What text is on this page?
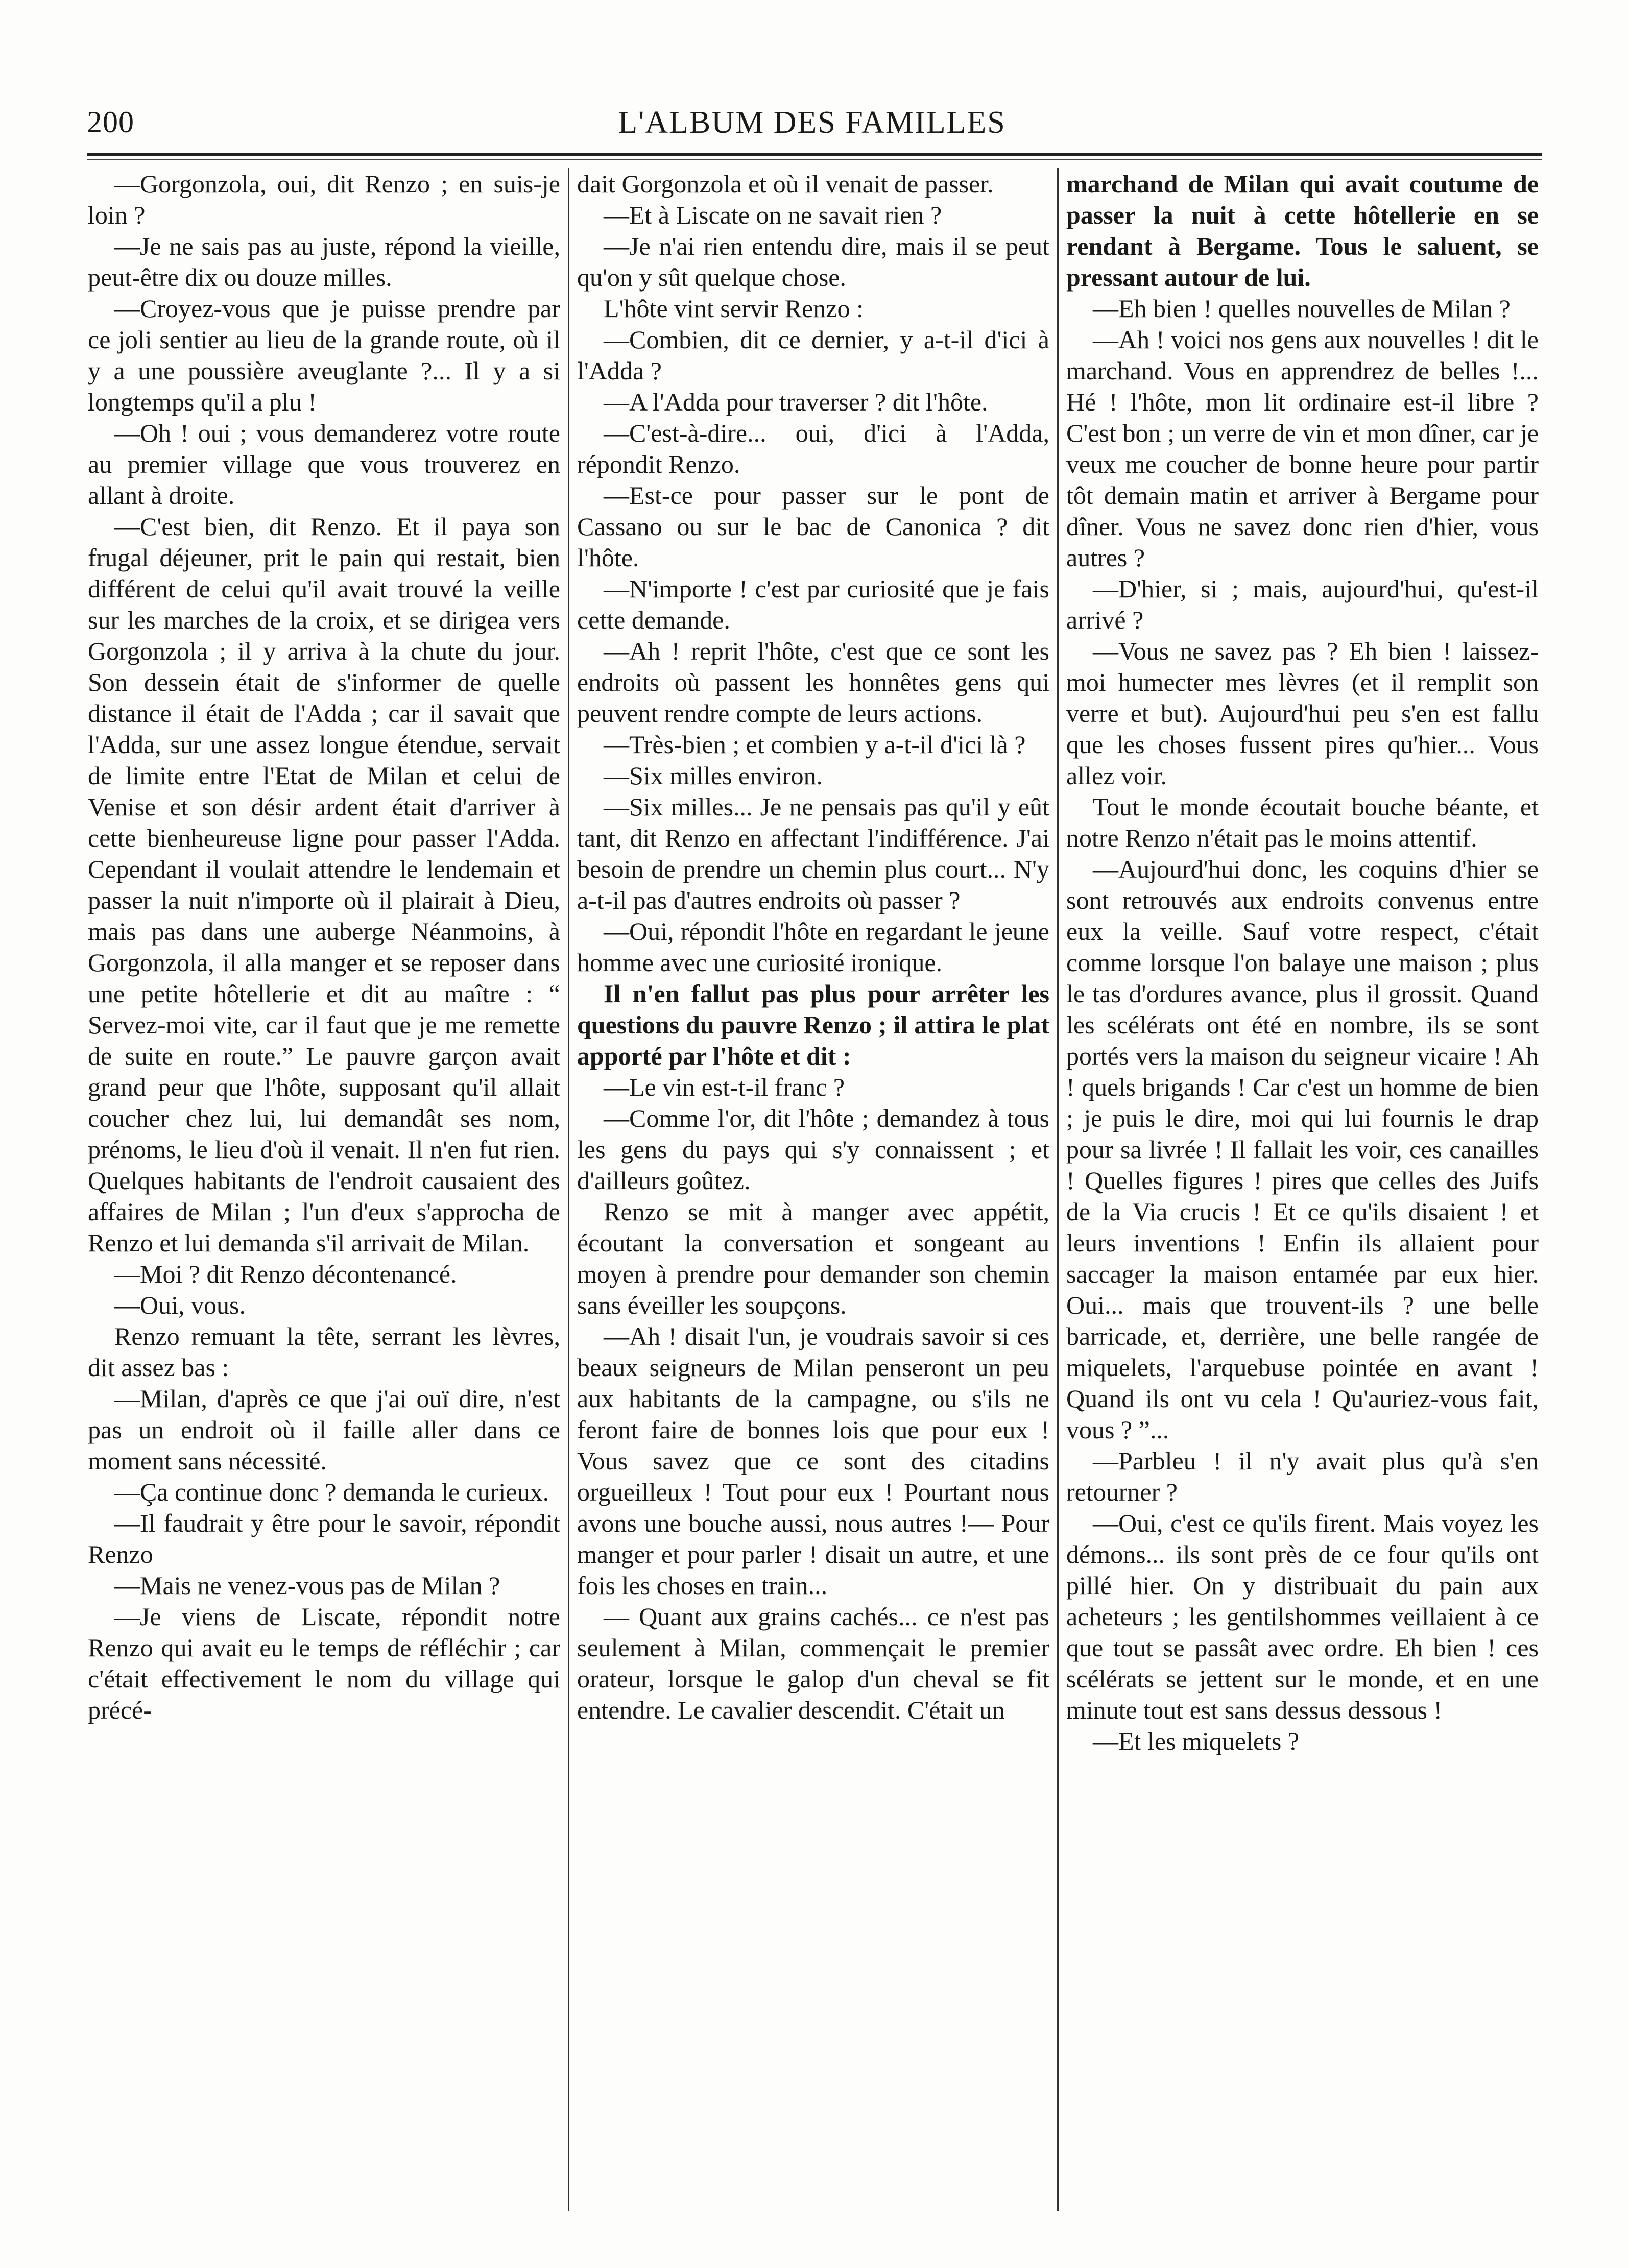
200	L'ALBUM DES FAMILLES

—Gorgonzola, oui, dit Renzo ; en suis-je loin ?

—Je ne sais pas au juste, répond la vieille, peut-être dix ou douze milles.

—Croyez-vous que je puisse prendre par ce joli sentier au lieu de la grande route, où il y a une poussière aveuglante ?... Il y a si longtemps qu'il a plu !

—Oh ! oui ; vous demanderez votre route au premier village que vous trouverez en allant à droite.

—C'est bien, dit Renzo. Et il paya son frugal déjeuner, prit le pain qui restait, bien différent de celui qu'il avait trouvé la veille sur les marches de la croix, et se dirigea vers Gorgonzola ; il y arriva à la chute du jour. Son dessein était de s'informer de quelle distance il était de l'Adda ; car il savait que l'Adda, sur une assez longue étendue, servait de limite entre l'Etat de Milan et celui de Venise et son désir ardent était d'arriver à cette bienheureuse ligne pour passer l'Adda. Cependant il voulait attendre le lendemain et passer la nuit n'importe où il plairait à Dieu, mais pas dans une auberge Néanmoins, à Gorgonzola, il alla manger et se reposer dans une petite hôtellerie et dit au maître : “ Servez-moi vite, car il faut que je me remette de suite en route.” Le pauvre garçon avait grand peur que l'hôte, supposant qu'il allait coucher chez lui, lui demandât ses nom, prénoms, le lieu d'où il venait. Il n'en fut rien. Quelques habitants de l'endroit causaient des affaires de Milan ; l'un d'eux s'approcha de Renzo et lui demanda s'il arrivait de Milan.

—Moi ? dit Renzo décontenancé.

—Oui, vous.

Renzo remuant la tête, serrant les lèvres, dit assez bas :

—Milan, d'après ce que j'ai ouï dire, n'est pas un endroit où il faille aller dans ce moment sans nécessité.

—Ça continue donc ? demanda le curieux.

—Il faudrait y être pour le savoir, répondit Renzo

—Mais ne venez-vous pas de Milan ?

—Je viens de Liscate, répondit notre Renzo qui avait eu le temps de réfléchir ; car c'était effectivement le nom du village qui précé-

dait Gorgonzola et où il venait de passer.

—Et à Liscate on ne savait rien ?

—Je n'ai rien entendu dire, mais il se peut qu'on y sût quelque chose.

L'hôte vint servir Renzo :

—Combien, dit ce dernier, y a-t-il d'ici à l'Adda ?

—A l'Adda pour traverser ? dit l'hôte.

—C'est-à-dire... oui, d'ici à l'Adda, répondit Renzo.

—Est-ce pour passer sur le pont de Cassano ou sur le bac de Canonica ? dit l'hôte.

—N'importe ! c'est par curiosité que je fais cette demande.

—Ah ! reprit l'hôte, c'est que ce sont les endroits où passent les honnêtes gens qui peuvent rendre compte de leurs actions.

—Très-bien ; et combien y a-t-il d'ici là ?

—Six milles environ.

—Six milles... Je ne pensais pas qu'il y eût tant, dit Renzo en affectant l'indifférence. J'ai besoin de prendre un chemin plus court... N'y a-t-il pas d'autres endroits où passer ?

—Oui, répondit l'hôte en regardant le jeune homme avec une curiosité ironique.

Il n'en fallut pas plus pour arrêter les questions du pauvre Renzo ; il attira le plat apporté par l'hôte et dit :

—Le vin est-t-il franc ?

—Comme l'or, dit l'hôte ; demandez à tous les gens du pays qui s'y connaissent ; et d'ailleurs goûtez.

Renzo se mit à manger avec appétit, écoutant la conversation et songeant au moyen à prendre pour demander son chemin sans éveiller les soupçons.

—Ah ! disait l'un, je voudrais savoir si ces beaux seigneurs de Milan penseront un peu aux habitants de la campagne, ou s'ils ne feront faire de bonnes lois que pour eux ! Vous savez que ce sont des citadins orgueilleux ! Tout pour eux ! Pourtant nous avons une bouche aussi, nous autres !— Pour manger et pour parler ! disait un autre, et une fois les choses en train...

— Quant aux grains cachés... ce n'est pas seulement à Milan, commençait le premier orateur, lorsque le galop d'un cheval se fit entendre. Le cavalier descendit. C'était un

marchand de Milan qui avait coutume de passer la nuit à cette hôtellerie en se rendant à Bergame. Tous le saluent, se pressant autour de lui.

—Eh bien ! quelles nouvelles de Milan ?

—Ah ! voici nos gens aux nouvelles ! dit le marchand. Vous en apprendrez de belles !... Hé ! l'hôte, mon lit ordinaire est-il libre ? C'est bon ; un verre de vin et mon dîner, car je veux me coucher de bonne heure pour partir tôt demain matin et arriver à Bergame pour dîner. Vous ne savez donc rien d'hier, vous autres ?

—D'hier, si ; mais, aujourd'hui, qu'est-il arrivé ?

—Vous ne savez pas ? Eh bien ! laissez-moi humecter mes lèvres (et il remplit son verre et but). Aujourd'hui peu s'en est fallu que les choses fussent pires qu'hier... Vous allez voir.

Tout le monde écoutait bouche béante, et notre Renzo n'était pas le moins attentif.

—Aujourd'hui donc, les coquins d'hier se sont retrouvés aux endroits convenus entre eux la veille. Sauf votre respect, c'était comme lorsque l'on balaye une maison ; plus le tas d'ordures avance, plus il grossit. Quand les scélérats ont été en nombre, ils se sont portés vers la maison du seigneur vicaire ! Ah ! quels brigands ! Car c'est un homme de bien ; je puis le dire, moi qui lui fournis le drap pour sa livrée ! Il fallait les voir, ces canailles ! Quelles figures ! pires que celles des Juifs de la Via crucis ! Et ce qu'ils disaient ! et leurs inventions ! Enfin ils allaient pour saccager la maison entamée par eux hier. Oui... mais que trouvent-ils ? une belle barricade, et, derrière, une belle rangée de miquelets, l'arquebuse pointée en avant ! Quand ils ont vu cela ! Qu'auriez-vous fait, vous ? ”...

—Parbleu ! il n'y avait plus qu'à s'en retourner ?

—Oui, c'est ce qu'ils firent. Mais voyez les démons... ils sont près de ce four qu'ils ont pillé hier. On y distribuait du pain aux acheteurs ; les gentilshommes veillaient à ce que tout se passât avec ordre. Eh bien ! ces scélérats se jettent sur le monde, et en une minute tout est sans dessus dessous !

—Et les miquelets ?
